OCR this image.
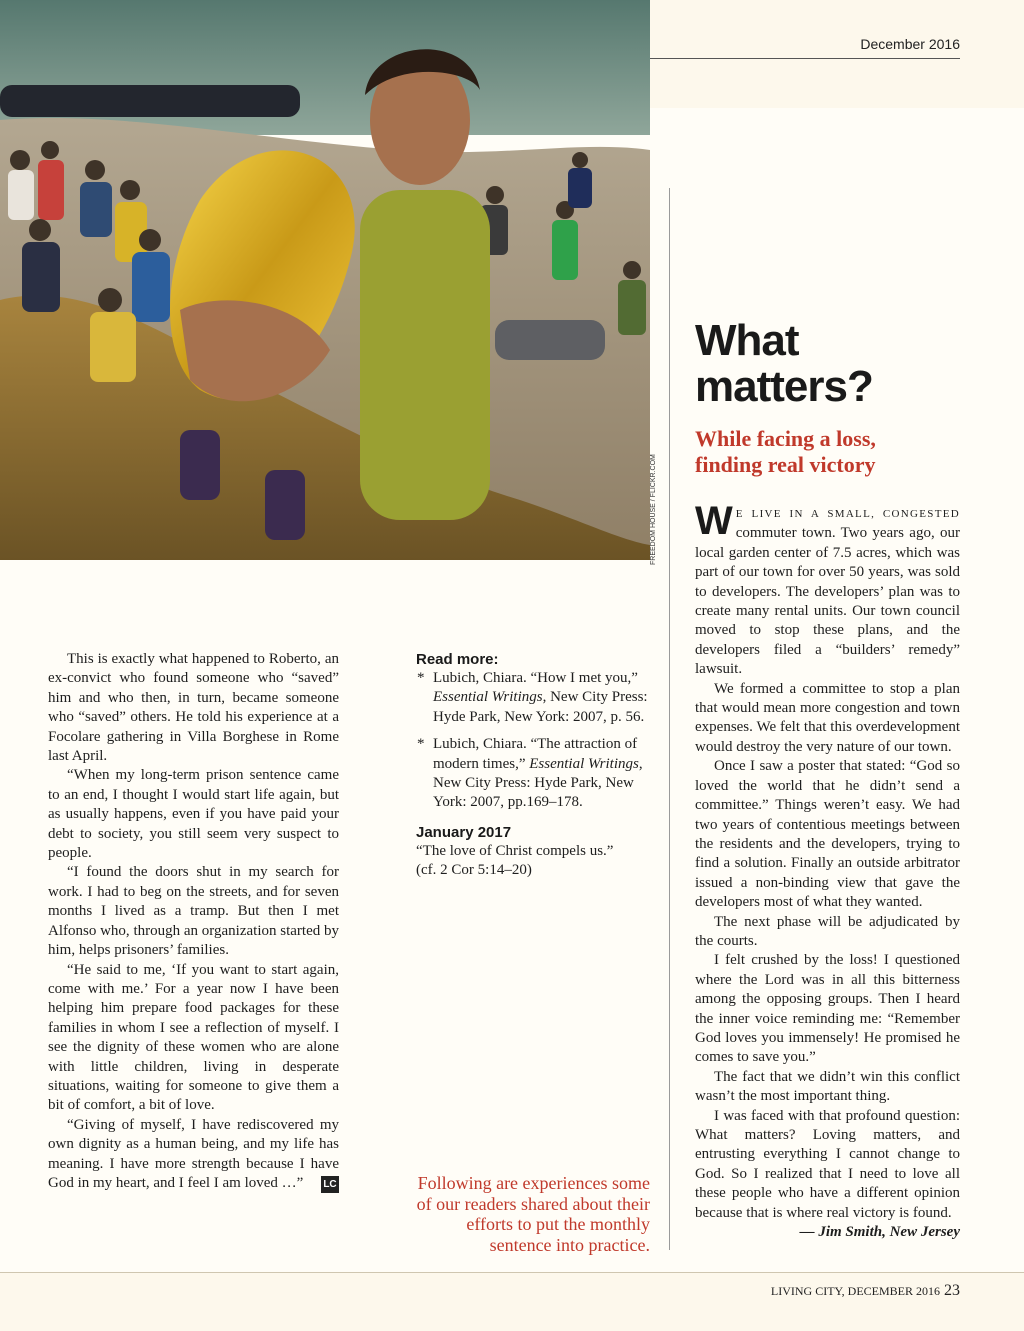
December 2016
FREEDOM HOUSE / FLICKR.COM
What
matters?
While facing a loss,
finding real victory

WE LIVE IN A SMALL, CONGESTED commuter town. Two years ago, our local garden center of 7.5 acres, which was part of our town for over 50 years, was sold to developers. The developers’ plan was to create many rental units. Our town council moved to stop these plans, and the developers filed a “builders’ remedy” lawsuit.

We formed a committee to stop a plan that would mean more congestion and town expenses. We felt that this overdevelopment would destroy the very nature of our town.

Once I saw a poster that stated: “God so loved the world that he didn’t send a committee.” Things weren’t easy. We had two years of contentious meetings between the residents and the developers, trying to find a solution. Finally an outside arbitrator issued a non-binding view that gave the developers most of what they wanted.

The next phase will be adjudicated by the courts.

I felt crushed by the loss! I questioned where the Lord was in all this bitterness among the opposing groups. Then I heard the inner voice reminding me: “Remember God loves you immensely! He promised he comes to save you.”

The fact that we didn’t win this conflict wasn’t the most important thing.

I was faced with that profound question: What matters? Loving matters, and entrusting everything I cannot change to God. So I realized that I need to love all these people who have a different opinion because that is where real victory is found.

— Jim Smith, New Jersey

This is exactly what happened to Roberto, an ex-convict who found someone who “saved” him and who then, in turn, became someone who “saved” others. He told his experience at a Focolare gathering in Villa Borghese in Rome last April.

“When my long-term prison sentence came to an end, I thought I would start life again, but as usually happens, even if you have paid your debt to society, you still seem very suspect to people.

“I found the doors shut in my search for work. I had to beg on the streets, and for seven months I lived as a tramp. But then I met Alfonso who, through an organization started by him, helps prisoners’ families.

“He said to me, ‘If you want to start again, come with me.’ For a year now I have been helping him prepare food packages for these families in whom I see a reflection of myself. I see the dignity of these women who are alone with little children, living in desperate situations, waiting for someone to give them a bit of comfort, a bit of love.

“Giving of myself, I have rediscovered my own dignity as a human being, and my life has meaning. I have more strength because I have God in my heart, and I feel I am loved …” LC

Read more:
* Lubich, Chiara. “How I met you,” Essential Writings, New City Press: Hyde Park, New York: 2007, p. 56.
* Lubich, Chiara. “The attraction of modern times,” Essential Writings, New City Press: Hyde Park, New York: 2007, pp.169–178.
January 2017

“The love of Christ compels us.”

(cf. 2 Cor 5:14–20)

Following are experiences some of our readers shared about their efforts to put the monthly sentence into practice.

LIVING CITY, DECEMBER 2016 23
